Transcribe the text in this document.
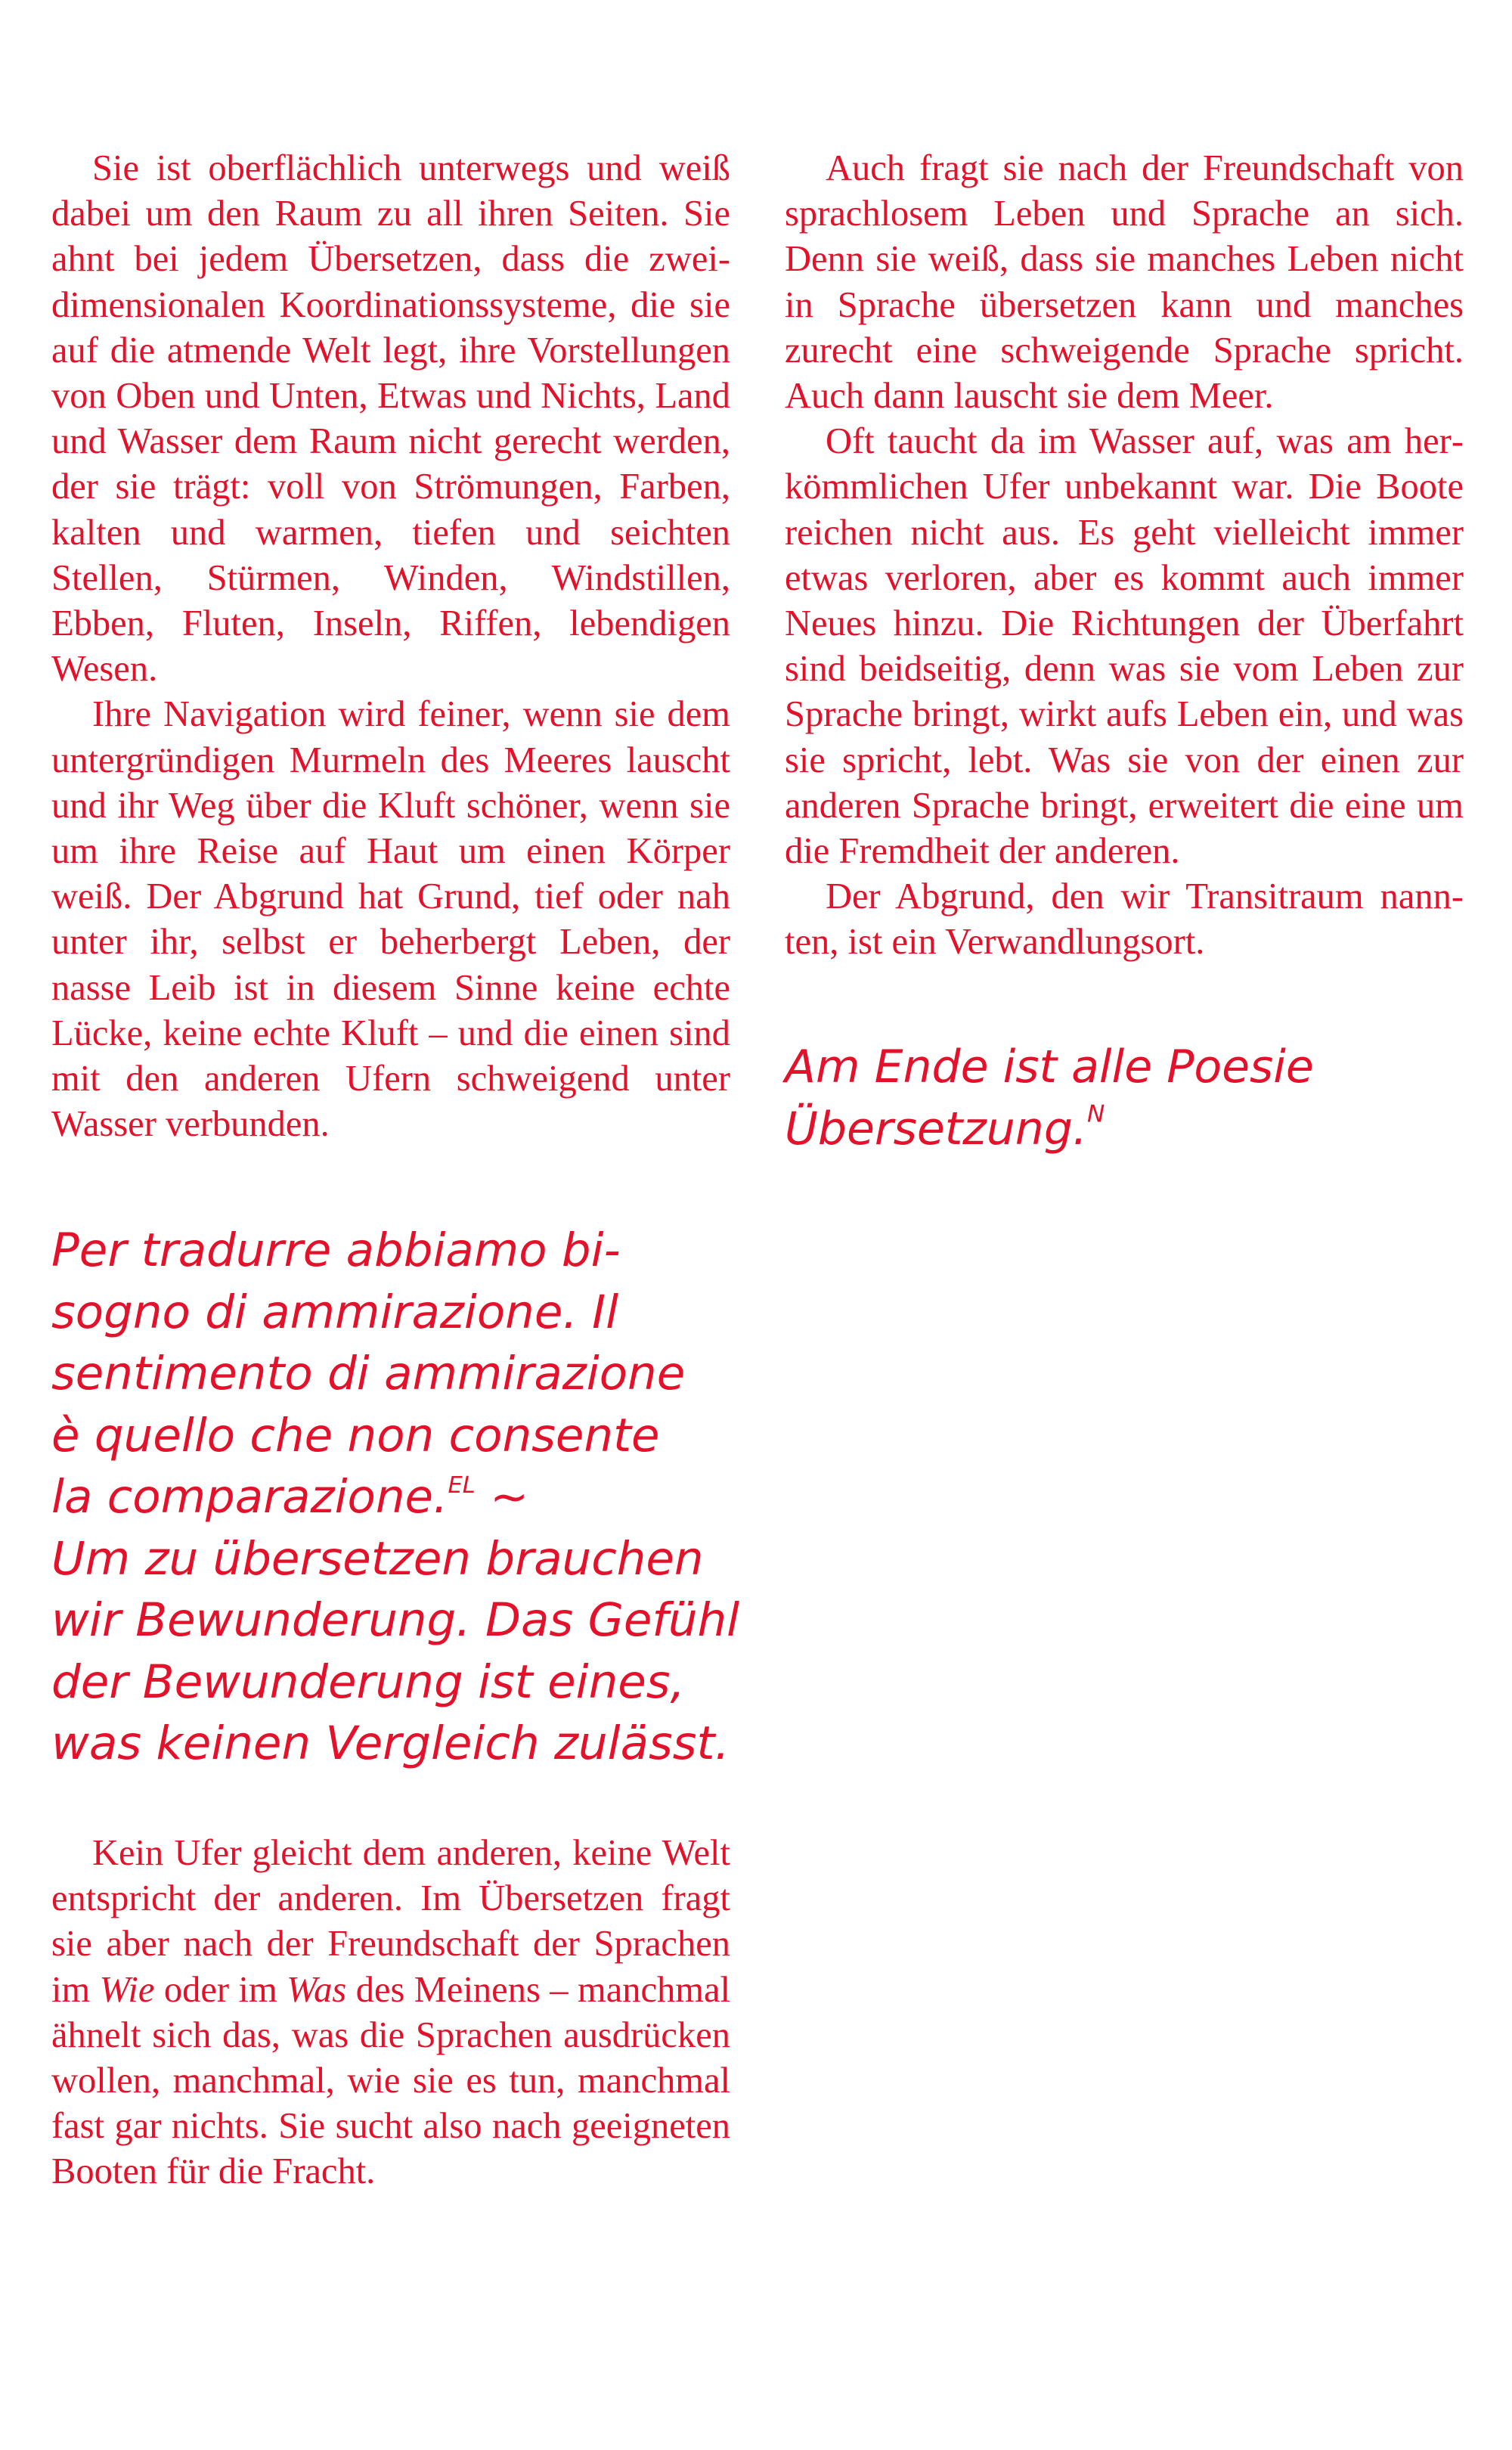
Sie ist oberflächlich unterwegs und weiß dabei um den Raum zu all ihren Seiten. Sie ahnt bei jedem Übersetzen, dass die zweidimensionalen Koordinationssysteme, die sie auf die atmende Welt legt, ihre Vorstellungen von Oben und Unten, Etwas und Nichts, Land und Wasser dem Raum nicht gerecht werden, der sie trägt: voll von Strömungen, Farben, kalten und warmen, tiefen und seichten Stellen, Stürmen, Winden, Windstillen, Ebben, Fluten, Inseln, Riffen, lebendigen Wesen.

Ihre Navigation wird feiner, wenn sie dem untergründigen Murmeln des Meeres lauscht und ihr Weg über die Kluft schöner, wenn sie um ihre Reise auf Haut um einen Körper weiß. Der Abgrund hat Grund, tief oder nah unter ihr, selbst er beherbergt Leben, der nasse Leib ist in diesem Sinne keine echte Lücke, keine echte Kluft – und die einen sind mit den anderen Ufern schweigend unter Wasser verbunden.

Auch fragt sie nach der Freundschaft von sprachlosem Leben und Sprache an sich. Denn sie weiß, dass sie manches Leben nicht in Sprache übersetzen kann und manches zurecht eine schweigende Sprache spricht. Auch dann lauscht sie dem Meer.

Oft taucht da im Wasser auf, was am herkömmlichen Ufer unbekannt war. Die Boote reichen nicht aus. Es geht vielleicht immer etwas verloren, aber es kommt auch immer Neues hinzu. Die Richtungen der Überfahrt sind beidseitig, denn was sie vom Leben zur Sprache bringt, wirkt aufs Leben ein, und was sie spricht, lebt. Was sie von der einen zur anderen Sprache bringt, erweitert die eine um die Fremdheit der anderen.

Der Abgrund, den wir Transitraum nannten, ist ein Verwandlungsort.

Am Ende ist alle Poesie
Übersetzung.$^N$
Per tradurre abbiamo bi-
sogno di ammirazione. Il
sentimento di ammirazione
è quello che non consente
la comparazione.$^{EL}$ ~
Um zu übersetzen brauchen
wir Bewunderung. Das Gefühl
der Bewunderung ist eines,
was keinen Vergleich zulässt.

Kein Ufer gleicht dem anderen, keine Welt entspricht der anderen. Im Übersetzen fragt sie aber nach der Freundschaft der Sprachen im Wie oder im Was des Meinens – manchmal ähnelt sich das, was die Sprachen ausdrücken wollen, manchmal, wie sie es tun, manchmal fast gar nichts. Sie sucht also nach geeigneten Booten für die Fracht.
